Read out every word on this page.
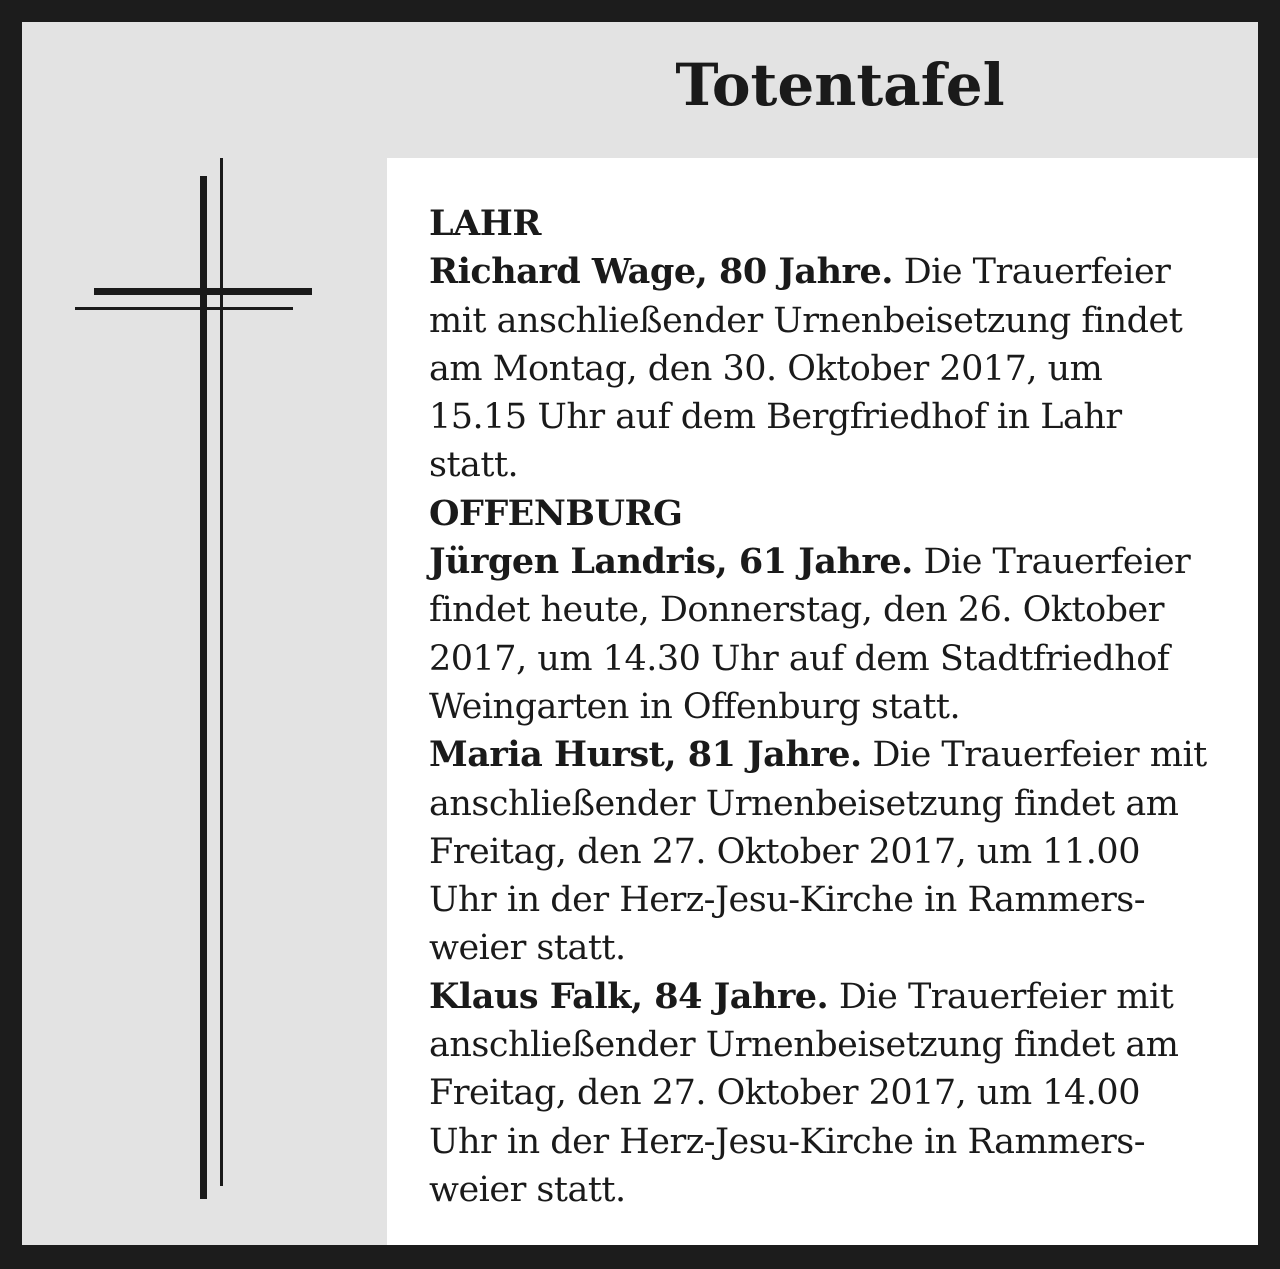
Totentafel
LAHR
Richard Wage, 80 Jahre. Die Trauerfeier
mit anschließender Urnenbeisetzung findet
am Montag, den 30. Oktober 2017, um
15.15 Uhr auf dem Bergfriedhof in Lahr
statt.
OFFENBURG
Jürgen Landris, 61 Jahre. Die Trauerfeier
findet heute, Donnerstag, den 26. Oktober
2017, um 14.30 Uhr auf dem Stadtfriedhof
Weingarten in Offenburg statt.
Maria Hurst, 81 Jahre. Die Trauerfeier mit
anschließender Urnenbeisetzung findet am
Freitag, den 27. Oktober 2017, um 11.00
Uhr in der Herz-Jesu-Kirche in Rammers-
weier statt.
Klaus Falk, 84 Jahre. Die Trauerfeier mit
anschließender Urnenbeisetzung findet am
Freitag, den 27. Oktober 2017, um 14.00
Uhr in der Herz-Jesu-Kirche in Rammers-
weier statt.
